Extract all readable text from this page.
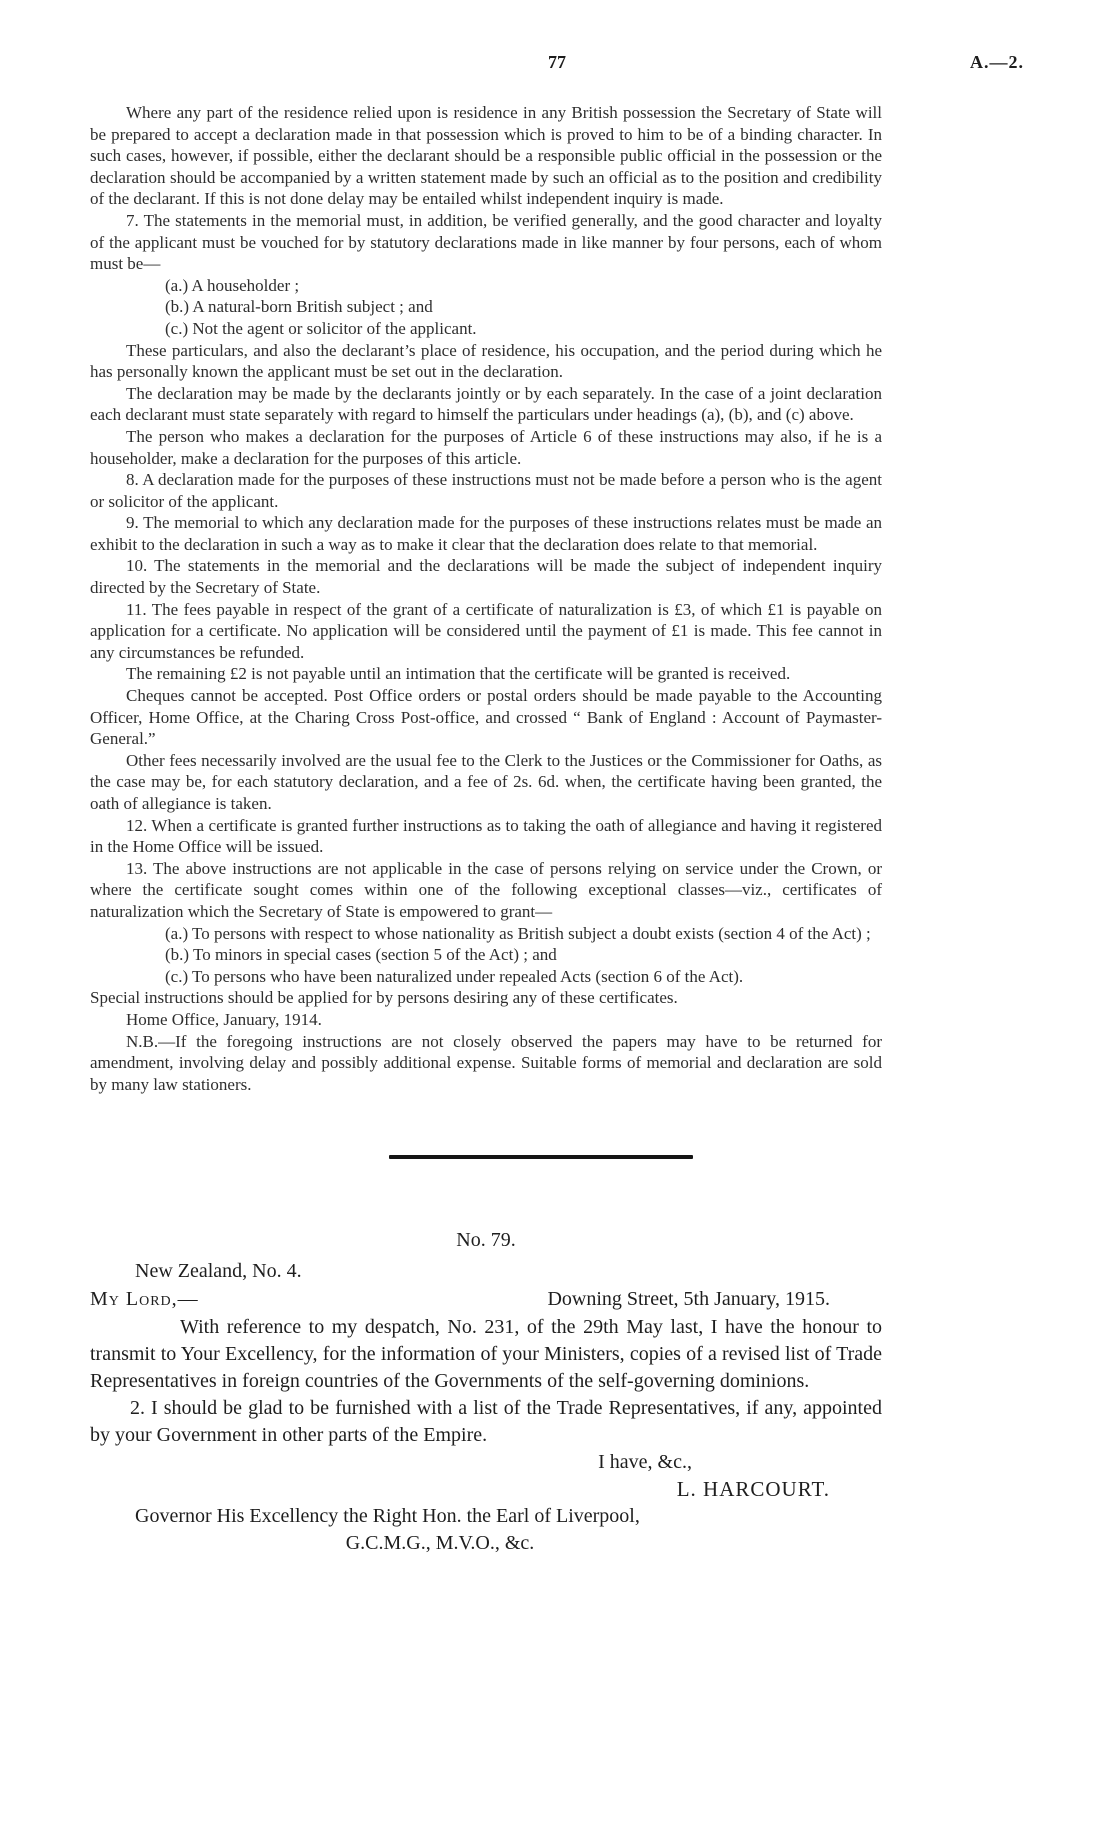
77	A.—2.

Where any part of the residence relied upon is residence in any British possession the Secretary of State will be prepared to accept a declaration made in that possession which is proved to him to be of a binding character. In such cases, however, if possible, either the declarant should be a responsible public official in the possession or the declaration should be accompanied by a written statement made by such an official as to the position and credibility of the declarant. If this is not done delay may be entailed whilst independent inquiry is made.

7. The statements in the memorial must, in addition, be verified generally, and the good character and loyalty of the applicant must be vouched for by statutory declarations made in like manner by four persons, each of whom must be—

(a.) A householder ;
(b.) A natural-born British subject ; and
(c.) Not the agent or solicitor of the applicant.

These particulars, and also the declarant’s place of residence, his occupation, and the period during which he has personally known the applicant must be set out in the declaration.

The declaration may be made by the declarants jointly or by each separately. In the case of a joint declaration each declarant must state separately with regard to himself the particulars under headings (a), (b), and (c) above.

The person who makes a declaration for the purposes of Article 6 of these instructions may also, if he is a householder, make a declaration for the purposes of this article.

8. A declaration made for the purposes of these instructions must not be made before a person who is the agent or solicitor of the applicant.

9. The memorial to which any declaration made for the purposes of these instructions relates must be made an exhibit to the declaration in such a way as to make it clear that the declaration does relate to that memorial.

10. The statements in the memorial and the declarations will be made the subject of independent inquiry directed by the Secretary of State.

11. The fees payable in respect of the grant of a certificate of naturalization is £3, of which £1 is payable on application for a certificate. No application will be considered until the payment of £1 is made. This fee cannot in any circumstances be refunded.

The remaining £2 is not payable until an intimation that the certificate will be granted is received.

Cheques cannot be accepted. Post Office orders or postal orders should be made payable to the Accounting Officer, Home Office, at the Charing Cross Post-office, and crossed “ Bank of England : Account of Paymaster-General.”

Other fees necessarily involved are the usual fee to the Clerk to the Justices or the Commissioner for Oaths, as the case may be, for each statutory declaration, and a fee of 2s. 6d. when, the certificate having been granted, the oath of allegiance is taken.

12. When a certificate is granted further instructions as to taking the oath of allegiance and having it registered in the Home Office will be issued.

13. The above instructions are not applicable in the case of persons relying on service under the Crown, or where the certificate sought comes within one of the following exceptional classes—viz., certificates of naturalization which the Secretary of State is empowered to grant—

(a.) To persons with respect to whose nationality as British subject a doubt exists (section 4 of the Act) ;
(b.) To minors in special cases (section 5 of the Act) ; and
(c.) To persons who have been naturalized under repealed Acts (section 6 of the Act).

Special instructions should be applied for by persons desiring any of these certificates.

Home Office, January, 1914.

N.B.—If the foregoing instructions are not closely observed the papers may have to be returned for amendment, involving delay and possibly additional expense. Suitable forms of memorial and declaration are sold by many law stationers.

No. 79.
New Zealand, No. 4.
My Lord,—	Downing Street, 5th January, 1915.

With reference to my despatch, No. 231, of the 29th May last, I have the honour to transmit to Your Excellency, for the information of your Ministers, copies of a revised list of Trade Representatives in foreign countries of the Governments of the self-governing dominions.

2. I should be glad to be furnished with a list of the Trade Representatives, if any, appointed by your Government in other parts of the Empire.

I have, &c.,
L. HARCOURT.
Governor His Excellency the Right Hon. the Earl of Liverpool,
G.C.M.G., M.V.O., &c.
